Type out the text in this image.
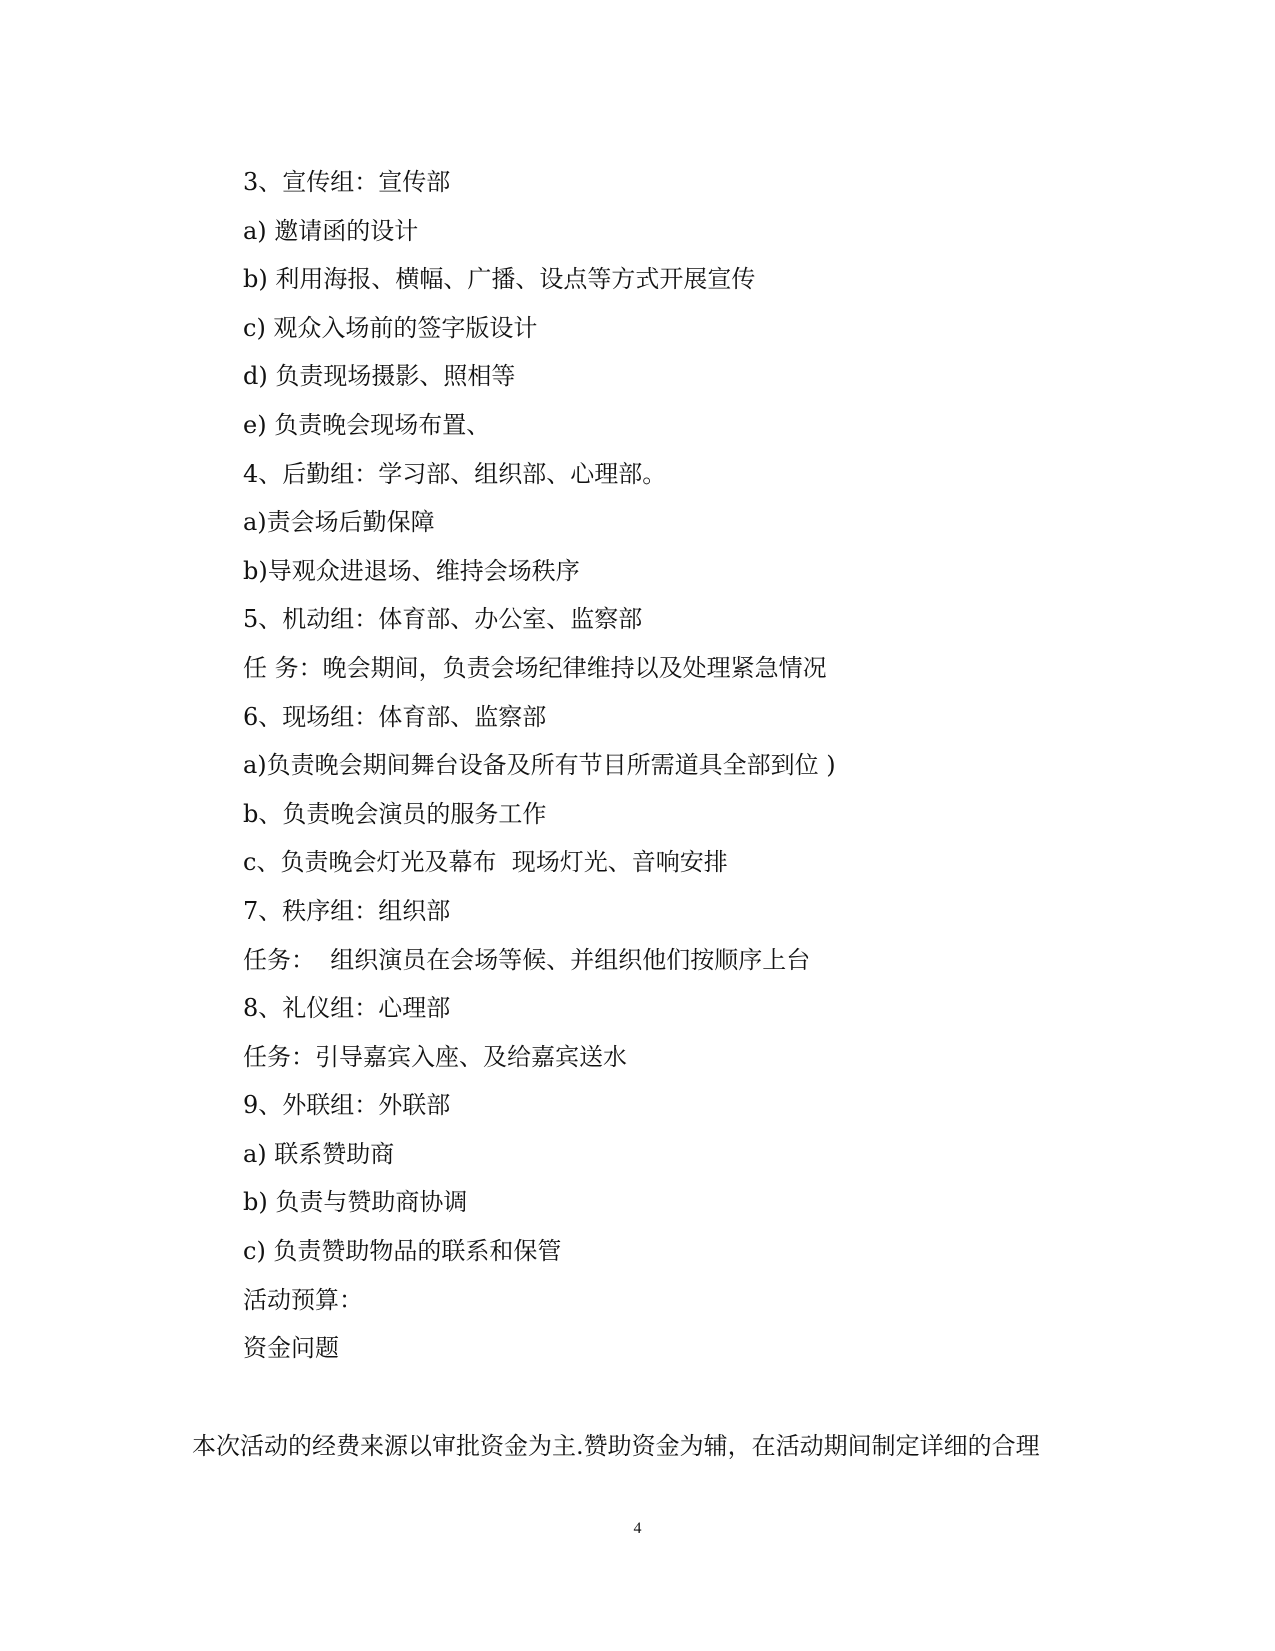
3、宣传组：宣传部
a) 邀请函的设计
b) 利用海报、横幅、广播、设点等方式开展宣传
c) 观众入场前的签字版设计
d) 负责现场摄影、照相等
e) 负责晚会现场布置、
4、后勤组：学习部、组织部、心理部。
a)责会场后勤保障
b)导观众进退场、维持会场秩序
5、机动组：体育部、办公室、监察部
任 务：晚会期间，负责会场纪律维持以及处理紧急情况
6、现场组：体育部、监察部
a)负责晚会期间舞台设备及所有节目所需道具全部到位 )
b、负责晚会演员的服务工作
c、负责晚会灯光及幕布  现场灯光、音响安排
7、秩序组：组织部
任务：  组织演员在会场等候、并组织他们按顺序上台
8、礼仪组：心理部
任务：引导嘉宾入座、及给嘉宾送水
9、外联组：外联部
a) 联系赞助商
b) 负责与赞助商协调
c) 负责赞助物品的联系和保管
活动预算：
资金问题

本次活动的经费来源以审批资金为主.赞助资金为辅，在活动期间制定详细的合理

4
